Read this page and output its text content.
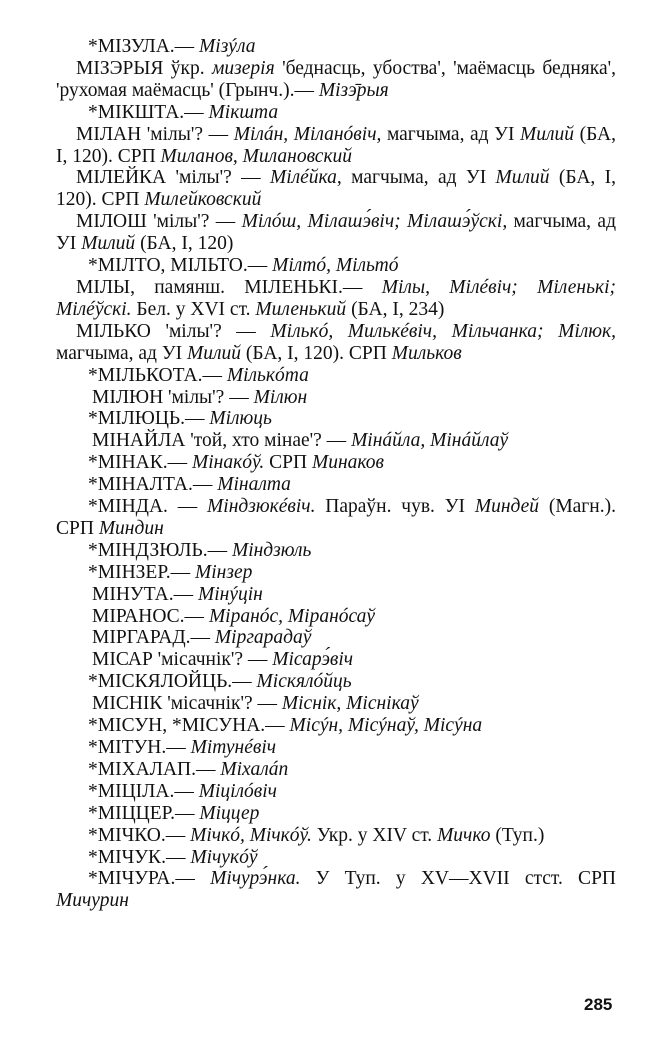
*МІЗУЛА.— Мізýла
МІЗЭРЫЯ ўкр. мизерія 'беднасць, убоства', 'маёмасць бедняка', 'рухомая маёмасць' (Грынч.).— Мізэ̄рыя
*МІКШТА.— Мікшта
МІЛАН 'мілы'? — Мілáн, Міланóвіч, магчыма, ад УІ Милий (БА, І, 120). СРП Миланов, Милановский
МІЛЕЙКА 'мілы'? — Мілéйка, магчыма, ад УІ Милий (БА, І, 120). СРП Милейковский
МІЛОШ 'мілы'? — Мілóш, Мілашэ́віч; Мілашэ́ўскі, магчыма, ад УІ Милий (БА, І, 120)
*МІЛТО, МІЛЬТО.— Мілтó, Мільтó
МІЛЫ, памянш. МІЛЕНЬКІ.— Мілы, Мілéвіч; Міленькі; Мілéўскі. Бел. у XVI ст. Миленький (БА, І, 234)
МІЛЬКО 'мілы'? — Мількó, Милькéвіч, Мільчанка; Мілюк, магчыма, ад УІ Милий (БА, І, 120). СРП Мильков
*МІЛЬКОТА.— Мількóта
МІЛЮН 'мілы'? — Мілюн
*МІЛЮЦЬ.— Мілюць
МІНАЙЛА 'той, хто мінае'? — Мінáйла, Мінáйлаў
*МІНАК.— Мінакóў. СРП Минаков
*МІНАЛТА.— Міналта
*МІНДА. — Міндзюкéвіч. Параўн. чув. УІ Миндей (Магн.). СРП Миндин
*МІНДЗЮЛЬ.— Міндзюль
*МІНЗЕР.— Мінзер
МІНУТА.— Мінýцін
МІРАНОС.— Міранóс, Міранóсаў
МІРГАРАД.— Міргарадаў
МІСАР 'місачнік'? — Місарэ́віч
*МІСКЯЛОЙЦЬ.— Міскялóйць
МІСНІК 'місачнік'? — Міснік, Міснікаў
*МІСУН, *МІСУНА.— Місýн, Місýнаў, Місýна
*МІТУН.— Мітунéвіч
*МІХАЛАП.— Міхалáп
*МІЦІЛА.— Міцілóвіч
*МІЦЦЕР.— Міццер
*МІЧКО.— Мічкó, Мічкóў. Укр. у XIV ст. Мичко (Туп.)
*МІЧУК.— Мічукóў
*МІЧУРА.— Мічурэ́нка. У Туп. у XV—XVII стст. СРП Мичурин
285
